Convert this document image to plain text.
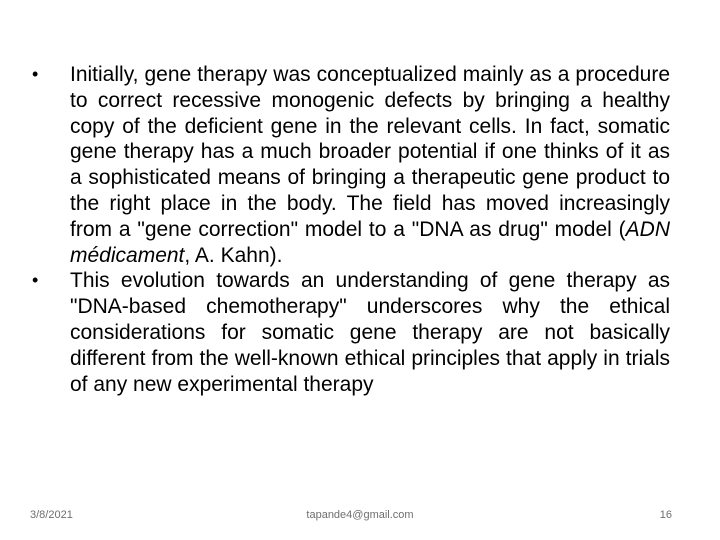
•	Initially, gene therapy was conceptualized mainly as a procedure to correct recessive monogenic defects by bringing a healthy copy of the deficient gene in the relevant cells. In fact, somatic gene therapy has a much broader potential if one thinks of it as a sophisticated means of bringing a therapeutic gene product to the right place in the body. The field has moved increasingly from a "gene correction" model to a "DNA as drug" model (ADN médicament, A. Kahn).

•	This evolution towards an understanding of gene therapy as "DNA-based chemotherapy" underscores why the ethical considerations for somatic gene therapy are not basically different from the well-known ethical principles that apply in trials of any new experimental therapy

3/8/2021	tapande4@gmail.com	16
